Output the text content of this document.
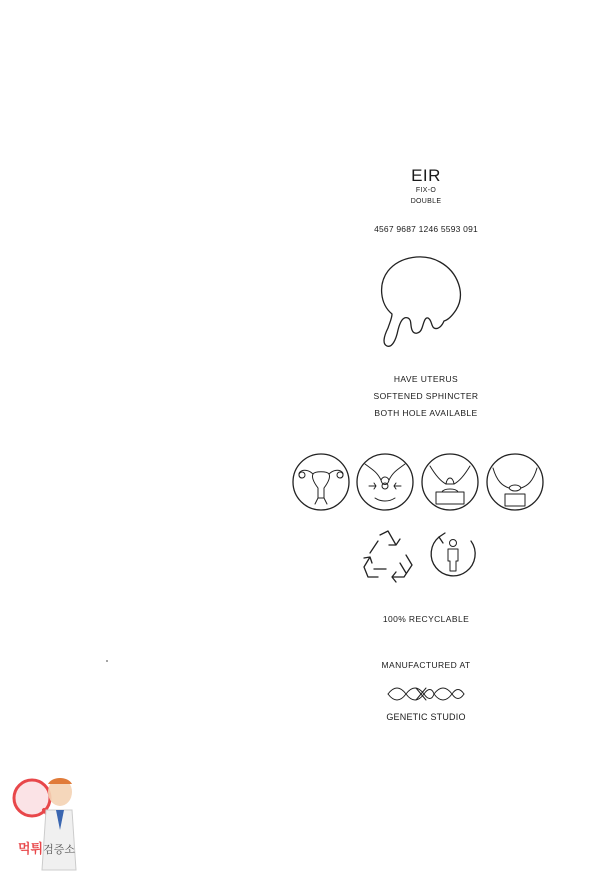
EIR
FIX-O
DOUBLE
4567 9687 1246 5593 091
HAVE UTERUS
SOFTENED SPHINCTER
BOTH HOLE AVAILABLE
100% RECYCLABLE
MANUFACTURED AT
GENETIC STUDIO
먹튀검증소
